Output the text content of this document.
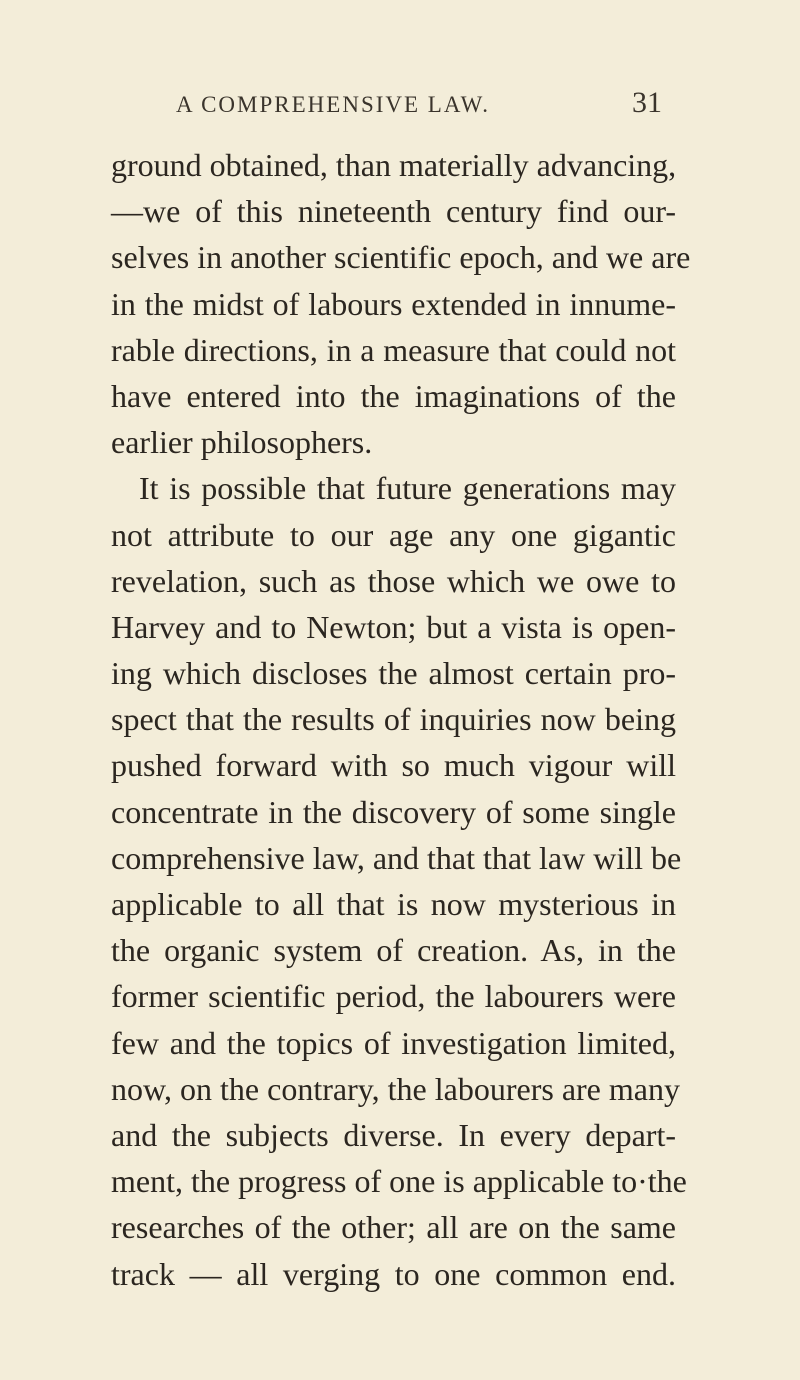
A COMPREHENSIVE LAW.	31
ground obtained, than materially advancing,
—we of this nineteenth century find our-
selves in another scientific epoch, and we are
in the midst of labours extended in innume-
rable directions, in a measure that could not
have entered into the imaginations of the
earlier philosophers.
It is possible that future generations may
not attribute to our age any one gigantic
revelation, such as those which we owe to
Harvey and to Newton; but a vista is open-
ing which discloses the almost certain pro-
spect that the results of inquiries now being
pushed forward with so much vigour will
concentrate in the discovery of some single
comprehensive law, and that that law will be
applicable to all that is now mysterious in
the organic system of creation. As, in the
former scientific period, the labourers were
few and the topics of investigation limited,
now, on the contrary, the labourers are many
and the subjects diverse. In every depart-
ment, the progress of one is applicable to·the
researches of the other; all are on the same
track — all verging to one common end.
